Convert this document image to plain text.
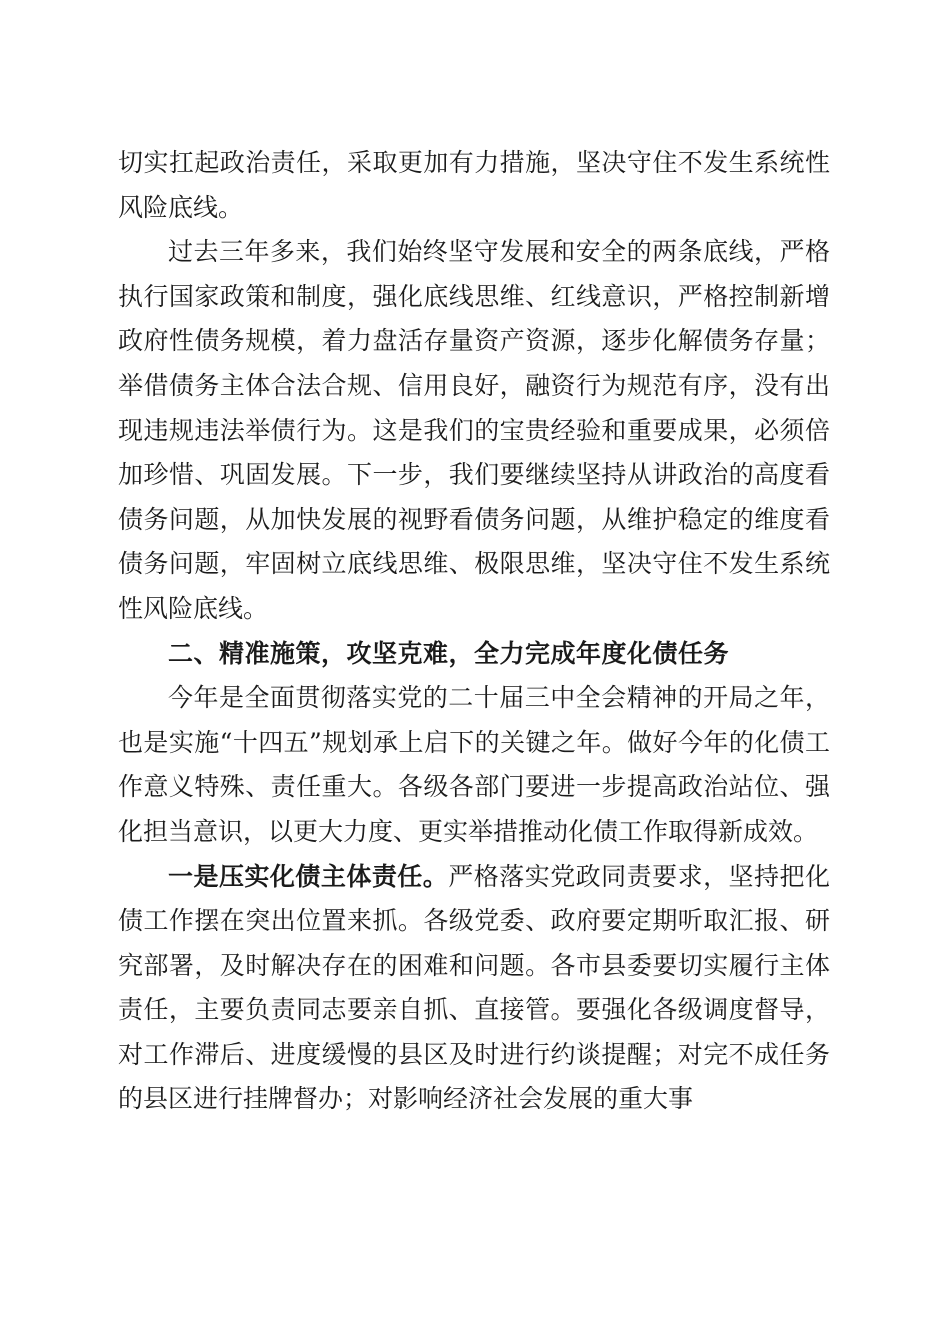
切实扛起政治责任，采取更加有力措施，坚决守住不发生系统性风险底线。

过去三年多来，我们始终坚守发展和安全的两条底线，严格执行国家政策和制度，强化底线思维、红线意识，严格控制新增政府性债务规模，着力盘活存量资产资源，逐步化解债务存量；举借债务主体合法合规、信用良好，融资行为规范有序，没有出现违规违法举债行为。这是我们的宝贵经验和重要成果，必须倍加珍惜、巩固发展。下一步，我们要继续坚持从讲政治的高度看债务问题，从加快发展的视野看债务问题，从维护稳定的维度看债务问题，牢固树立底线思维、极限思维，坚决守住不发生系统性风险底线。

二、精准施策，攻坚克难，全力完成年度化债任务

今年是全面贯彻落实党的二十届三中全会精神的开局之年，也是实施“十四五”规划承上启下的关键之年。做好今年的化债工作意义特殊、责任重大。各级各部门要进一步提高政治站位、强化担当意识，以更大力度、更实举措推动化债工作取得新成效。

一是压实化债主体责任。严格落实党政同责要求，坚持把化债工作摆在突出位置来抓。各级党委、政府要定期听取汇报、研究部署，及时解决存在的困难和问题。各市县委要切实履行主体责任，主要负责同志要亲自抓、直接管。要强化各级调度督导，对工作滞后、进度缓慢的县区及时进行约谈提醒；对完不成任务的县区进行挂牌督办；对影响经济社会发展的重大事
